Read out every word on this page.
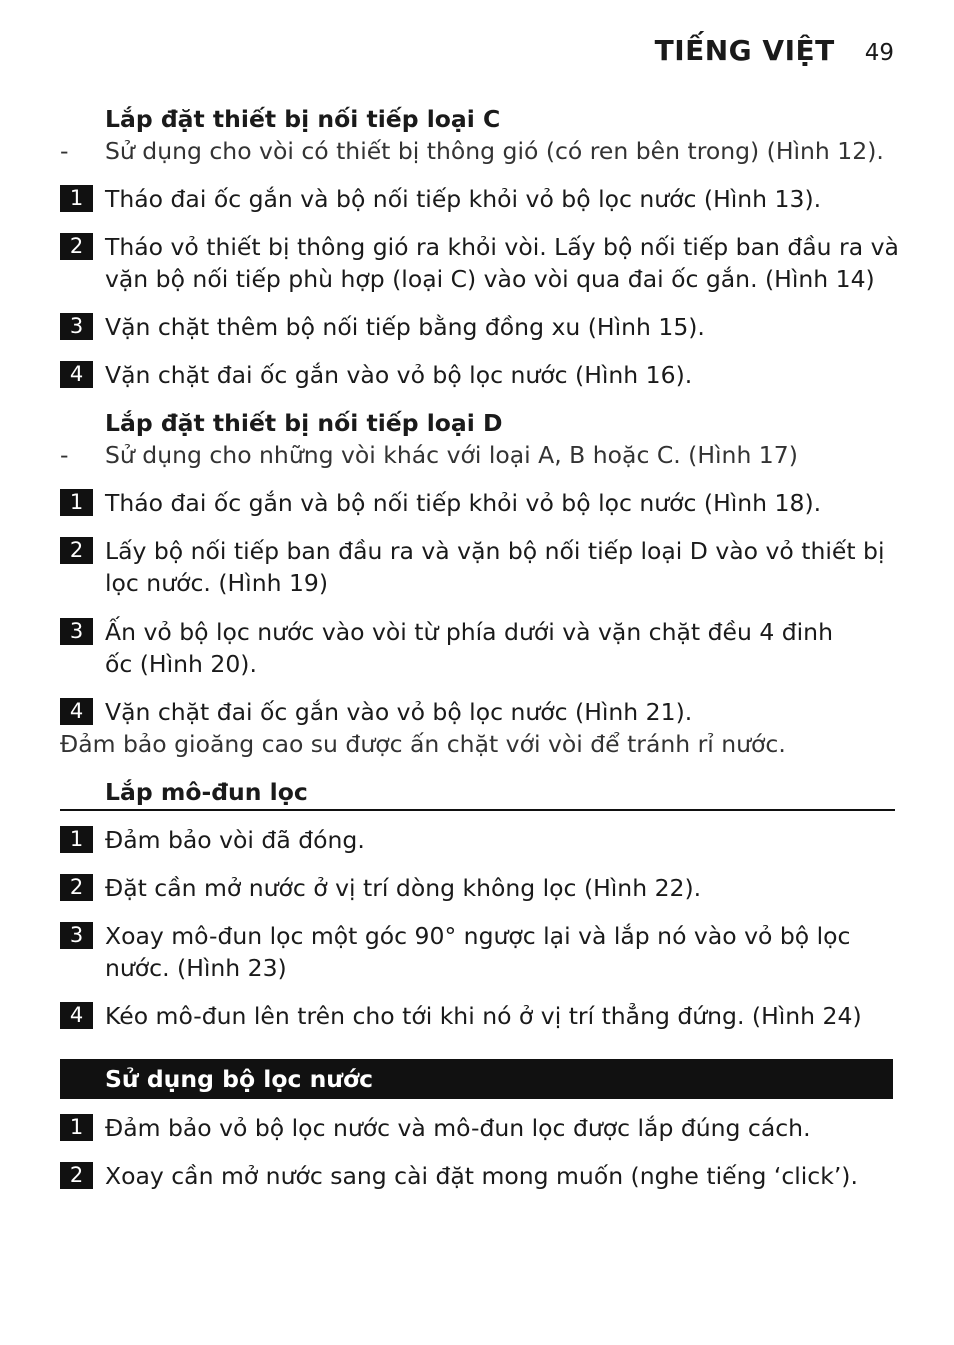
TIẾNG VIỆT 49
Lắp đặt thiết bị nối tiếp loại C
- Sử dụng cho vòi có thiết bị thông gió (có ren bên trong) (Hình 12).
1 Tháo đai ốc gắn và bộ nối tiếp khỏi vỏ bộ lọc nước (Hình 13).
2 Tháo vỏ thiết bị thông gió ra khỏi vòi. Lấy bộ nối tiếp ban đầu ra và
vặn bộ nối tiếp phù hợp (loại C) vào vòi qua đai ốc gắn. (Hình 14)
3 Vặn chặt thêm bộ nối tiếp bằng đồng xu (Hình 15).
4 Vặn chặt đai ốc gắn vào vỏ bộ lọc nước (Hình 16).
Lắp đặt thiết bị nối tiếp loại D
- Sử dụng cho những vòi khác với loại A, B hoặc C. (Hình 17)
1 Tháo đai ốc gắn và bộ nối tiếp khỏi vỏ bộ lọc nước (Hình 18).
2 Lấy bộ nối tiếp ban đầu ra và vặn bộ nối tiếp loại D vào vỏ thiết bị
lọc nước. (Hình 19)
3 Ấn vỏ bộ lọc nước vào vòi từ phía dưới và vặn chặt đều 4 đinh
ốc (Hình 20).
4 Vặn chặt đai ốc gắn vào vỏ bộ lọc nước (Hình 21).
Đảm bảo gioăng cao su được ấn chặt với vòi để tránh rỉ nước.
Lắp mô-đun lọc
1 Đảm bảo vòi đã đóng.
2 Đặt cần mở nước ở vị trí dòng không lọc (Hình 22).
3 Xoay mô-đun lọc một góc 90° ngược lại và lắp nó vào vỏ bộ lọc
nước. (Hình 23)
4 Kéo mô-đun lên trên cho tới khi nó ở vị trí thẳng đứng. (Hình 24)
Sử dụng bộ lọc nước
1 Đảm bảo vỏ bộ lọc nước và mô-đun lọc được lắp đúng cách.
2 Xoay cần mở nước sang cài đặt mong muốn (nghe tiếng ‘click’).
